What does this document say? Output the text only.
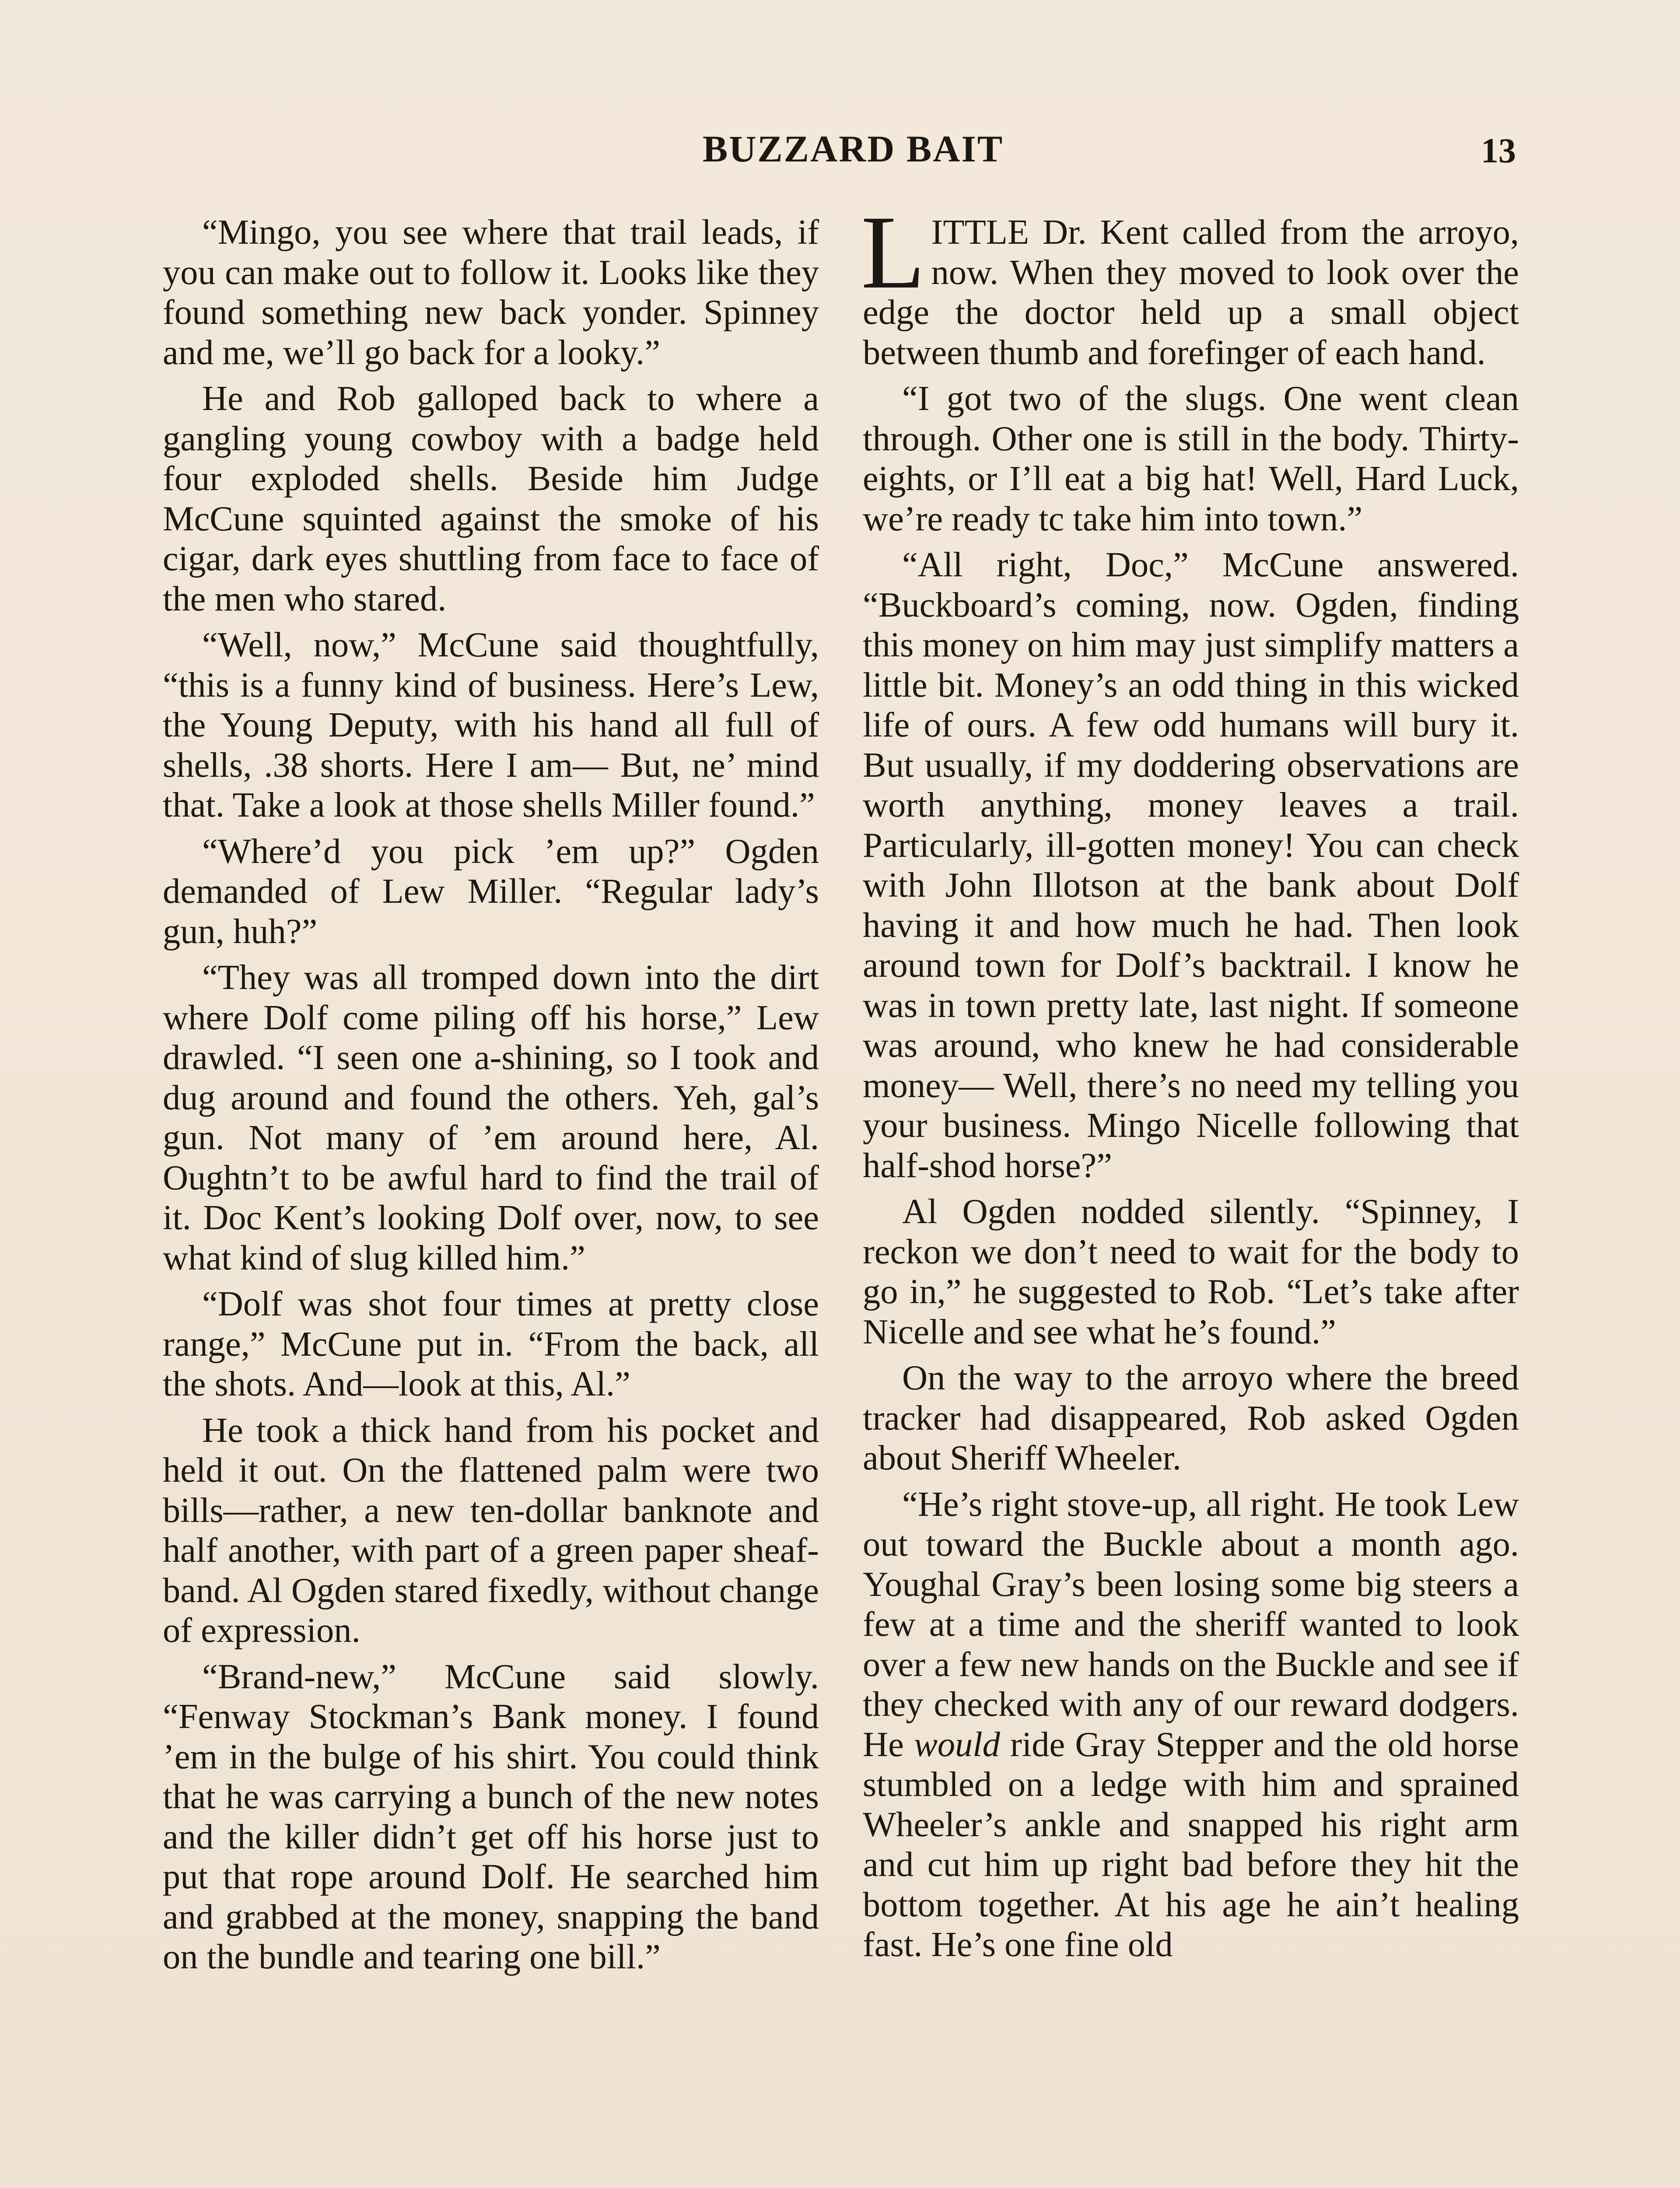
BUZZARD BAIT	13

“Mingo, you see where that trail leads, if you can make out to follow it. Looks like they found something new back yonder. Spinney and me, we’ll go back for a looky.”

He and Rob galloped back to where a gangling young cowboy with a badge held four exploded shells. Beside him Judge McCune squinted against the smoke of his cigar, dark eyes shuttling from face to face of the men who stared.

“Well, now,” McCune said thoughtfully, “this is a funny kind of business. Here’s Lew, the Young Deputy, with his hand all full of shells, .38 shorts. Here I am— But, ne’ mind that. Take a look at those shells Miller found.”

“Where’d you pick ’em up?” Ogden demanded of Lew Miller. “Regular lady’s gun, huh?”

“They was all tromped down into the dirt where Dolf come piling off his horse,” Lew drawled. “I seen one a-shining, so I took and dug around and found the others. Yeh, gal’s gun. Not many of ’em around here, Al. Oughtn’t to be awful hard to find the trail of it. Doc Kent’s looking Dolf over, now, to see what kind of slug killed him.”

“Dolf was shot four times at pretty close range,” McCune put in. “From the back, all the shots. And—look at this, Al.”

He took a thick hand from his pocket and held it out. On the flattened palm were two bills—rather, a new ten-dollar banknote and half another, with part of a green paper sheaf-band. Al Ogden stared fixedly, without change of expression.

“Brand-new,” McCune said slowly. “Fenway Stockman’s Bank money. I found ’em in the bulge of his shirt. You could think that he was carrying a bunch of the new notes and the killer didn’t get off his horse just to put that rope around Dolf. He searched him and grabbed at the money, snapping the band on the bundle and tearing one bill.”

LITTLE Dr. Kent called from the arroyo, now. When they moved to look over the edge the doctor held up a small object between thumb and forefinger of each hand.

“I got two of the slugs. One went clean through. Other one is still in the body. Thirty-eights, or I’ll eat a big hat! Well, Hard Luck, we’re ready tc take him into town.”

“All right, Doc,” McCune answered. “Buckboard’s coming, now. Ogden, finding this money on him may just simplify matters a little bit. Money’s an odd thing in this wicked life of ours. A few odd humans will bury it. But usually, if my doddering observations are worth anything, money leaves a trail. Particularly, ill-gotten money! You can check with John Illotson at the bank about Dolf having it and how much he had. Then look around town for Dolf’s backtrail. I know he was in town pretty late, last night. If someone was around, who knew he had considerable money— Well, there’s no need my telling you your business. Mingo Nicelle following that half-shod horse?”

Al Ogden nodded silently. “Spinney, I reckon we don’t need to wait for the body to go in,” he suggested to Rob. “Let’s take after Nicelle and see what he’s found.”

On the way to the arroyo where the breed tracker had disappeared, Rob asked Ogden about Sheriff Wheeler.

“He’s right stove-up, all right. He took Lew out toward the Buckle about a month ago. Youghal Gray’s been losing some big steers a few at a time and the sheriff wanted to look over a few new hands on the Buckle and see if they checked with any of our reward dodgers. He would ride Gray Stepper and the old horse stumbled on a ledge with him and sprained Wheeler’s ankle and snapped his right arm and cut him up right bad before they hit the bottom together. At his age he ain’t healing fast. He’s one fine old
